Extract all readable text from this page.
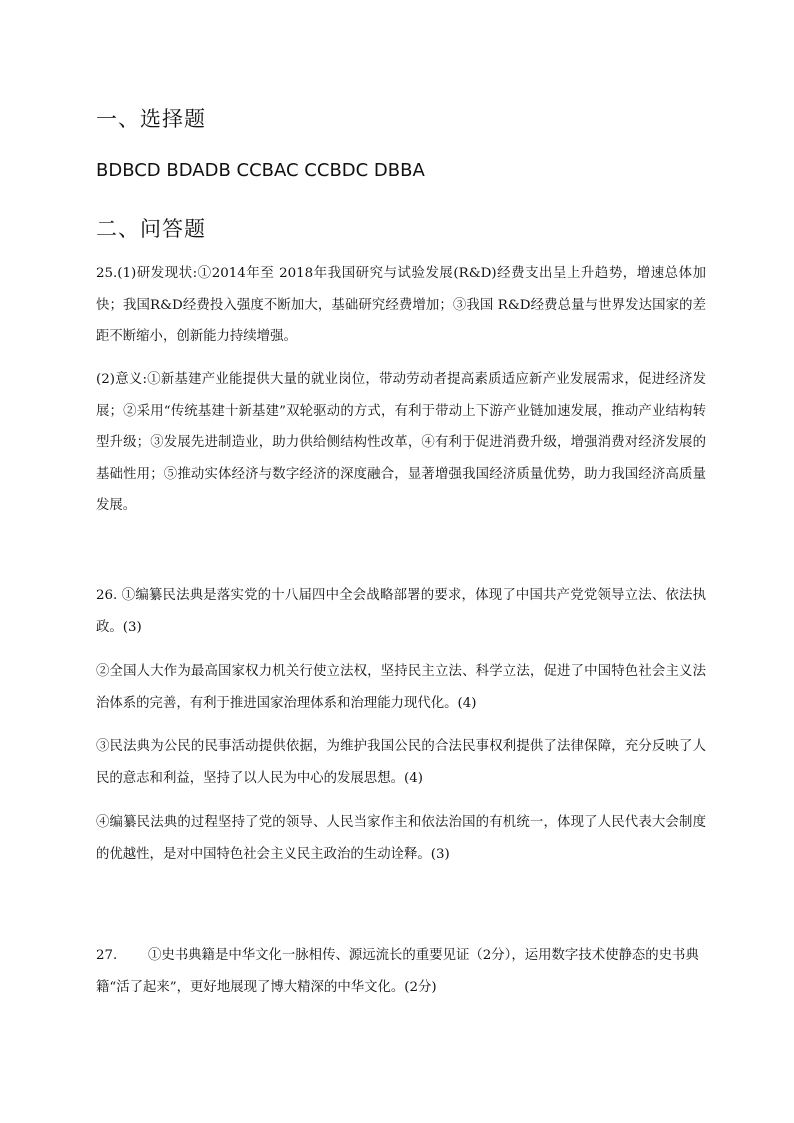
一、选择题
BDBCD BDADB CCBAC CCBDC DBBA
二、问答题
25.(1)研发现状:①2014年至 2018年我国研究与试验发展(R&D)经费支出呈上升趋势，增速总体加快；我国R&D经费投入强度不断加大，基础研究经费增加；③我国 R&D经费总量与世界发达国家的差距不断缩小，创新能力持续增强。
(2)意义:①新基建产业能提供大量的就业岗位，带动劳动者提高素质适应新产业发展需求，促进经济发展；②采用“传统基建十新基建”双轮驱动的方式，有利于带动上下游产业链加速发展，推动产业结构转型升级；③发展先进制造业，助力供给侧结构性改革，④有利于促进消费升级，增强消费对经济发展的基础性用；⑤推动实体经济与数字经济的深度融合，显著增强我国经济质量优势，助力我国经济高质量发展。
26. ①编纂民法典是落实党的十八届四中全会战略部署的要求，体现了中国共产党党领导立法、依法执政。(3)
②全国人大作为最高国家权力机关行使立法权，坚持民主立法、科学立法，促进了中国特色社会主义法治体系的完善，有利于推进国家治理体系和治理能力现代化。(4)
③民法典为公民的民事活动提供依据，为维护我国公民的合法民事权利提供了法律保障，充分反映了人民的意志和利益，坚持了以人民为中心的发展思想。(4)
④编纂民法典的过程坚持了党的领导、人民当家作主和依法治国的有机统一，体现了人民代表大会制度的优越性，是对中国特色社会主义民主政治的生动诠释。(3)
27. ①史书典籍是中华文化一脉相传、源远流长的重要见证（2分），运用数字技术使静态的史书典籍“活了起来”，更好地展现了博大精深的中华文化。(2分)
